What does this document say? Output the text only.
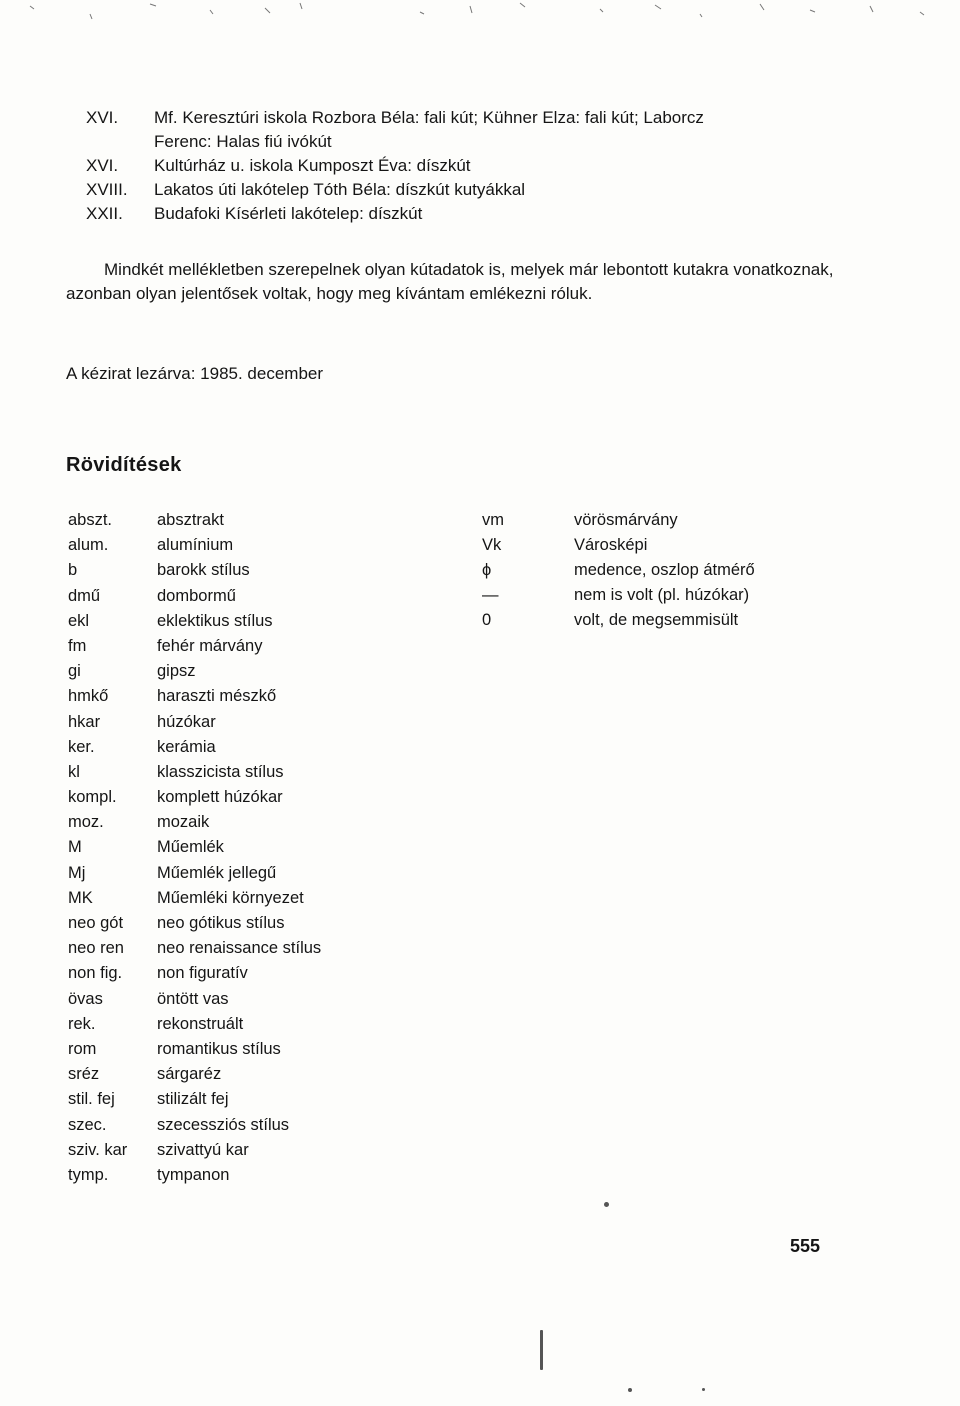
XVI.	Mf. Keresztúri iskola Rozbora Béla: fali kút; Kühner Elza: fali kút; Laborcz
Ferenc: Halas fiú ivókút
XVI.	Kultúrház u. iskola Kumposzt Éva: díszkút
XVIII.	Lakatos úti lakótelep Tóth Béla: díszkút kutyákkal
XXII.	Budafoki Kísérleti lakótelep: díszkút

Mindkét mellékletben szerepelnek olyan kútadatok is, melyek már lebontott kutakra vonatkoznak, azonban olyan jelentősek voltak, hogy meg kívántam emlékezni róluk.

A kézirat lezárva: 1985. december
Rövidítések
abszt.	absztrakt
alum.	alumínium
b	barokk stílus
dmű	dombormű
ekl	eklektikus stílus
fm	fehér márvány
gi	gipsz
hmkő	haraszti mészkő
hkar	húzókar
ker.	kerámia
kl	klasszicista stílus
kompl.	komplett húzókar
moz.	mozaik
M	Műemlék
Mj	Műemlék jellegű
MK	Műemléki környezet
neo gót	neo gótikus stílus
neo ren	neo renaissance stílus
non fig.	non figuratív
övas	öntött vas
rek.	rekonstruált
rom	romantikus stílus
sréz	sárgaréz
stil. fej	stilizált fej
szec.	szecessziós stílus
sziv. kar	szivattyú kar
tymp.	tympanon
vm	vörösmárvány
Vk	Városképi
ϕ	medence, oszlop átmérő
—	nem is volt (pl. húzókar)
0	volt, de megsemmisült
555
